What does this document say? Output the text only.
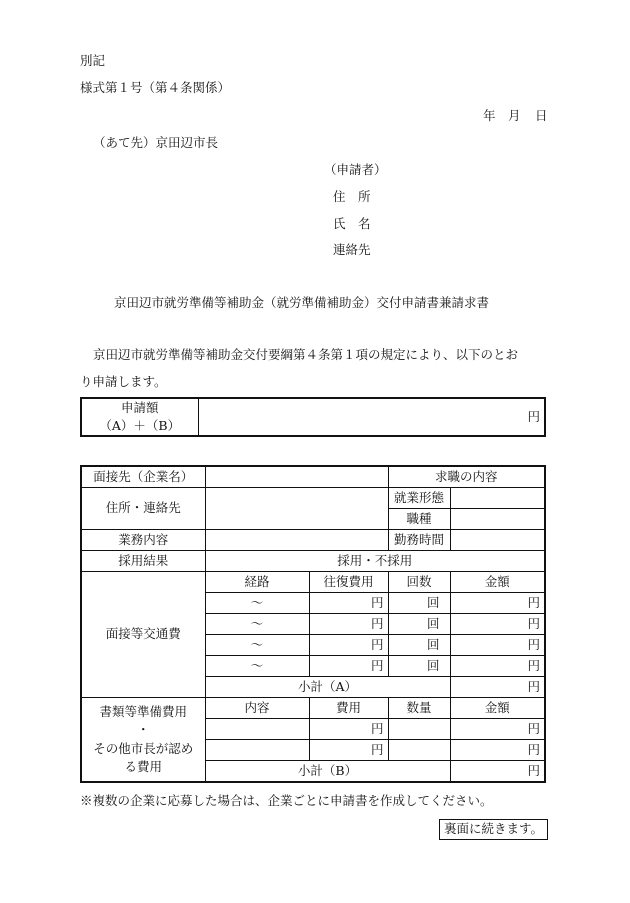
別記
様式第１号（第４条関係）
年 月 日
（あて先）京田辺市長
（申請者）
住　所
氏　名
連絡先
京田辺市就労準備等補助金（就労準備補助金）交付申請書兼請求書
京田辺市就労準備等補助金交付要綱第４条第１項の規定により、以下のとお
り申請します。
申請額
（A）＋（B）	円
面接先（企業名）			求職の内容	
住所・連絡先			就業形態	
			職種	
業務内容			勤務時間	
採用結果	採用・不採用			
面接等交通費	経路	往復費用	回数	金額
	～	円	回	円
	～	円	回	円
	～	円	回	円
	～	円	回	円
	小計（A）			円
書類等準備費用
・
その他市長が認め
る費用	内容	費用	数量	金額
		円		円
		円		円
	小計（B）			円
※複数の企業に応募した場合は、企業ごとに申請書を作成してください。
裏面に続きます。
